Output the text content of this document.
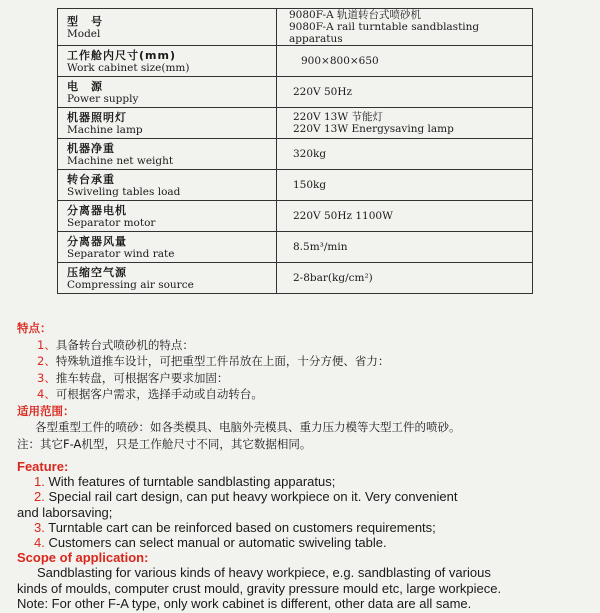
型　号
Model	9080F-A 轨道转台式喷砂机
9080F-A rail turntable sandblasting apparatus

工作舱内尺寸(mm)
Work cabinet size(mm)	900×800×650

电　源
Power supply	220V 50Hz

机器照明灯
Machine lamp	220V 13W 节能灯
220V 13W Energysaving lamp

机器净重
Machine net weight	320kg

转台承重
Swiveling tables load	150kg

分离器电机
Separator motor	220V 50Hz 1100W

分离器风量
Separator wind rate	8.5m³/min

压缩空气源
Compressing air source	2-8bar(kg/cm²)
特点：
1、具备转台式喷砂机的特点：
2、特殊轨道推车设计，可把重型工件吊放在上面，十分方便、省力：
3、推车转盘，可根据客户要求加固：
4、可根据客户需求，选择手动或自动转台。
适用范围：
各型重型工件的喷砂：如各类模具、电脑外壳模具、重力压力模等大型工件的喷砂。
注：其它F-A机型，只是工作舱尺寸不同，其它数据相同。
Feature:
1. With features of turntable sandblasting apparatus;
2. Special rail cart design, can put heavy workpiece on it. Very convenient
and laborsaving;
3. Turntable cart can be reinforced based on customers requirements;
4. Customers can select manual or automatic swiveling table.
Scope of application:
Sandblasting for various kinds of heavy workpiece, e.g. sandblasting of various
kinds of moulds, computer crust mould, gravity pressure mould etc, large workpiece.
Note: For other F-A type, only work cabinet is different, other data are all same.
